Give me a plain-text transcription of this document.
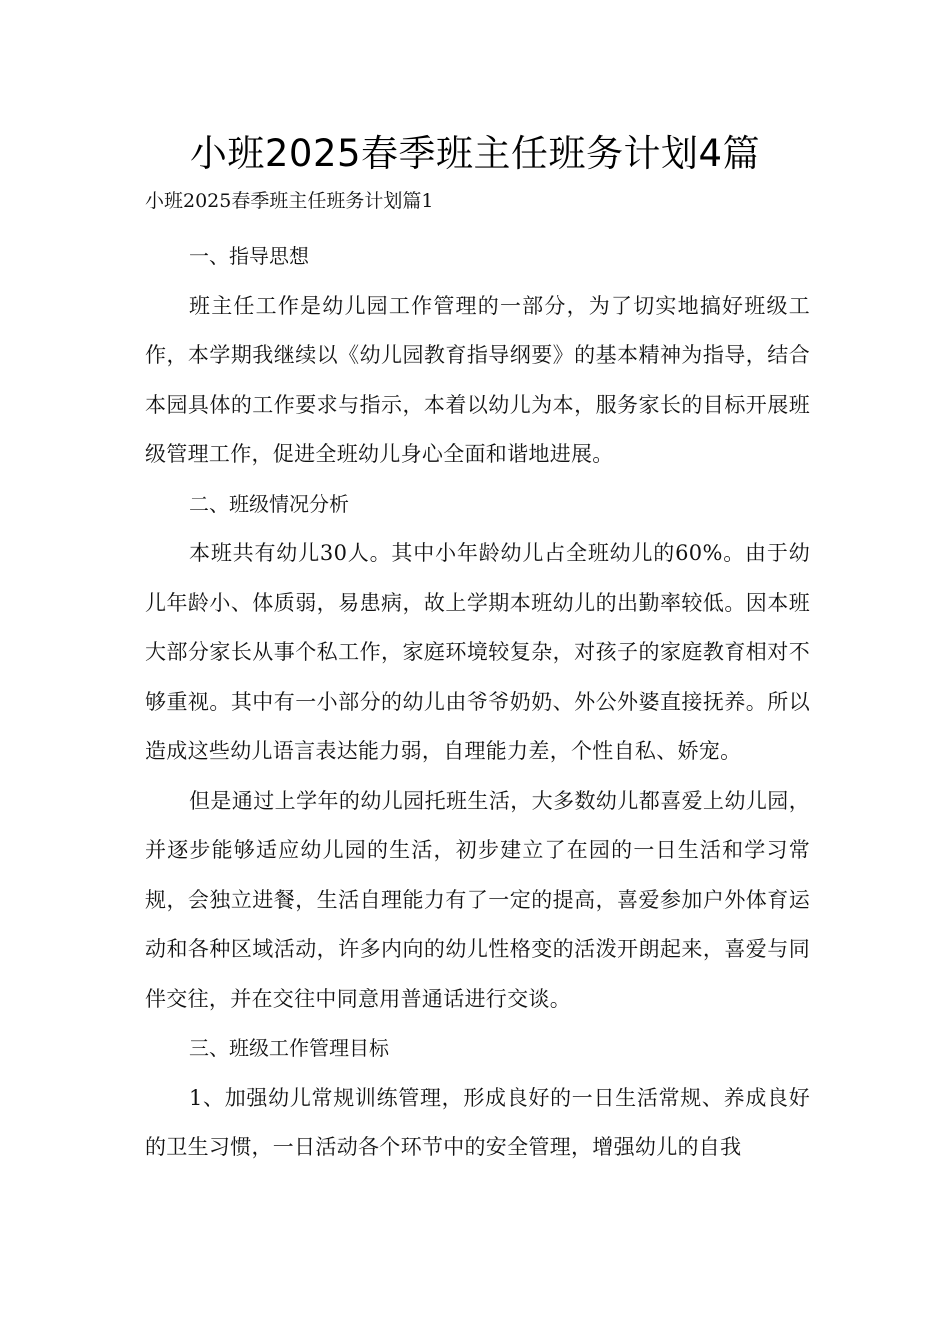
小班2025春季班主任班务计划4篇
小班2025春季班主任班务计划篇1

一、指导思想

班主任工作是幼儿园工作管理的一部分，为了切实地搞好班级工作，本学期我继续以《幼儿园教育指导纲要》的基本精神为指导，结合本园具体的工作要求与指示，本着以幼儿为本，服务家长的目标开展班级管理工作，促进全班幼儿身心全面和谐地进展。

二、班级情况分析

本班共有幼儿30人。其中小年龄幼儿占全班幼儿的60%。由于幼儿年龄小、体质弱，易患病，故上学期本班幼儿的出勤率较低。因本班大部分家长从事个私工作，家庭环境较复杂，对孩子的家庭教育相对不够重视。其中有一小部分的幼儿由爷爷奶奶、外公外婆直接抚养。所以造成这些幼儿语言表达能力弱，自理能力差，个性自私、娇宠。

但是通过上学年的幼儿园托班生活，大多数幼儿都喜爱上幼儿园，并逐步能够适应幼儿园的生活，初步建立了在园的一日生活和学习常规，会独立进餐，生活自理能力有了一定的提高，喜爱参加户外体育运动和各种区域活动，许多内向的幼儿性格变的活泼开朗起来，喜爱与同伴交往，并在交往中同意用普通话进行交谈。

三、班级工作管理目标

1、加强幼儿常规训练管理，形成良好的一日生活常规、养成良好的卫生习惯，一日活动各个环节中的安全管理，增强幼儿的自我
